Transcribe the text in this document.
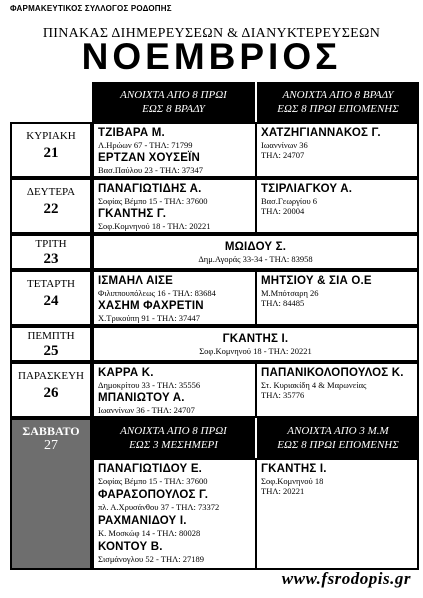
ΦΑΡΜΑΚΕΥΤΙΚΟΣ ΣΥΛΛΟΓΟΣ ΡΟΔΟΠΗΣ
ΠΙΝΑΚΑΣ ΔΙΗΜΕΡΕΥΣΕΩΝ & ΔΙΑΝΥΚΤΕΡΕΥΣΕΩΝ
ΝΟΕΜΒΡΙΟΣ
ΑΝΟΙΧΤΑ ΑΠΟ 8 ΠΡΩΙ
ΕΩΣ 8 ΒΡΑΔΥ
ΑΝΟΙΧΤΑ ΑΠΟ 8 ΒΡΑΔΥ
ΕΩΣ 8 ΠΡΩΙ ΕΠΟΜΕΝΗΣ
ΚΥΡΙΑΚΗ
21
ΤΖΙΒΑΡΑ Μ.
Λ.Ηρώων 67 - ΤΗΛ: 71799
ΕΡΤΖΑΝ ΧΟΥΣΕΪΝ
Βασ.Παύλου 23 - ΤΗΛ: 37347
ΧΑΤΖΗΓΙΑΝΝΑΚΟΣ Γ.
Ιωαννίνων 36
ΤΗΛ: 24707
ΔΕΥΤΕΡΑ
22
ΠΑΝΑΓΙΩΤΙΔΗΣ Α.
Σοφίας Βέμπο 15 - ΤΗΛ: 37600
ΓΚΑΝΤΗΣ Γ.
Σοφ.Κομνηνού 18 - ΤΗΛ: 20221
ΤΣΙΡΛΙΑΓΚΟΥ Α.
Βασ.Γεωργίου 6
ΤΗΛ: 20004
ΤΡΙΤΗ
23
ΜΩΙΔΟΥ Σ.
Δημ.Αγοράς 33-34 - ΤΗΛ: 83958
ΤΕΤΑΡΤΗ
24
ΙΣΜΑΗΛ ΑΙΣΕ
Φιλιππουπόλεως 16 - ΤΗΛ: 83684
ΧΑΣΗΜ ΦΑΧΡΕΤΙΝ
Χ.Τρικούπη 91 - ΤΗΛ: 37447
ΜΗΤΣΙΟΥ & ΣΙΑ Ο.Ε
Μ.Μπότσαρη 26
ΤΗΛ: 84485
ΠΕΜΠΤΗ
25
ΓΚΑΝΤΗΣ Ι.
Σοφ.Κομνηνού 18 - ΤΗΛ: 20221
ΠΑΡΑΣΚΕΥΗ
26
ΚΑΡΡΑ Κ.
Δημοκρίτου 33 - ΤΗΛ: 35556
ΜΠΑΝΙΩΤΟΥ Α.
Ιωαννίνων 36 - ΤΗΛ: 24707
ΠΑΠΑΝΙΚΟΛΟΠΟΥΛΟΣ Κ.
Στ. Κυριακίδη 4 & Μαρωνείας
ΤΗΛ: 35776
ΣΑΒΒΑΤΟ
27
ΑΝΟΙΧΤΑ ΑΠΟ 8 ΠΡΩΙ
ΕΩΣ 3 ΜΕΣΗΜΕΡΙ
ΑΝΟΙΧΤΑ ΑΠΟ 3 Μ.Μ
ΕΩΣ 8 ΠΡΩΙ ΕΠΟΜΕΝΗΣ
ΠΑΝΑΓΙΩΤΙΔΟΥ Ε.
Σοφίας Βέμπο 15 - ΤΗΛ: 37600
ΦΑΡΑΣΟΠΟΥΛΟΣ Γ.
πλ. Α.Χρυσάνθου 37 - ΤΗΛ: 73372
ΡΑΧΜΑΝΙΔΟΥ Ι.
Κ. Μοσκώφ 14 - ΤΗΛ: 80028
ΚΟΝΤΟΥ Β.
Σισμάνογλου 52 - ΤΗΛ: 27189
ΓΚΑΝΤΗΣ Ι.
Σοφ.Κομνηνού 18
ΤΗΛ: 20221
www.fsrodopis.gr
